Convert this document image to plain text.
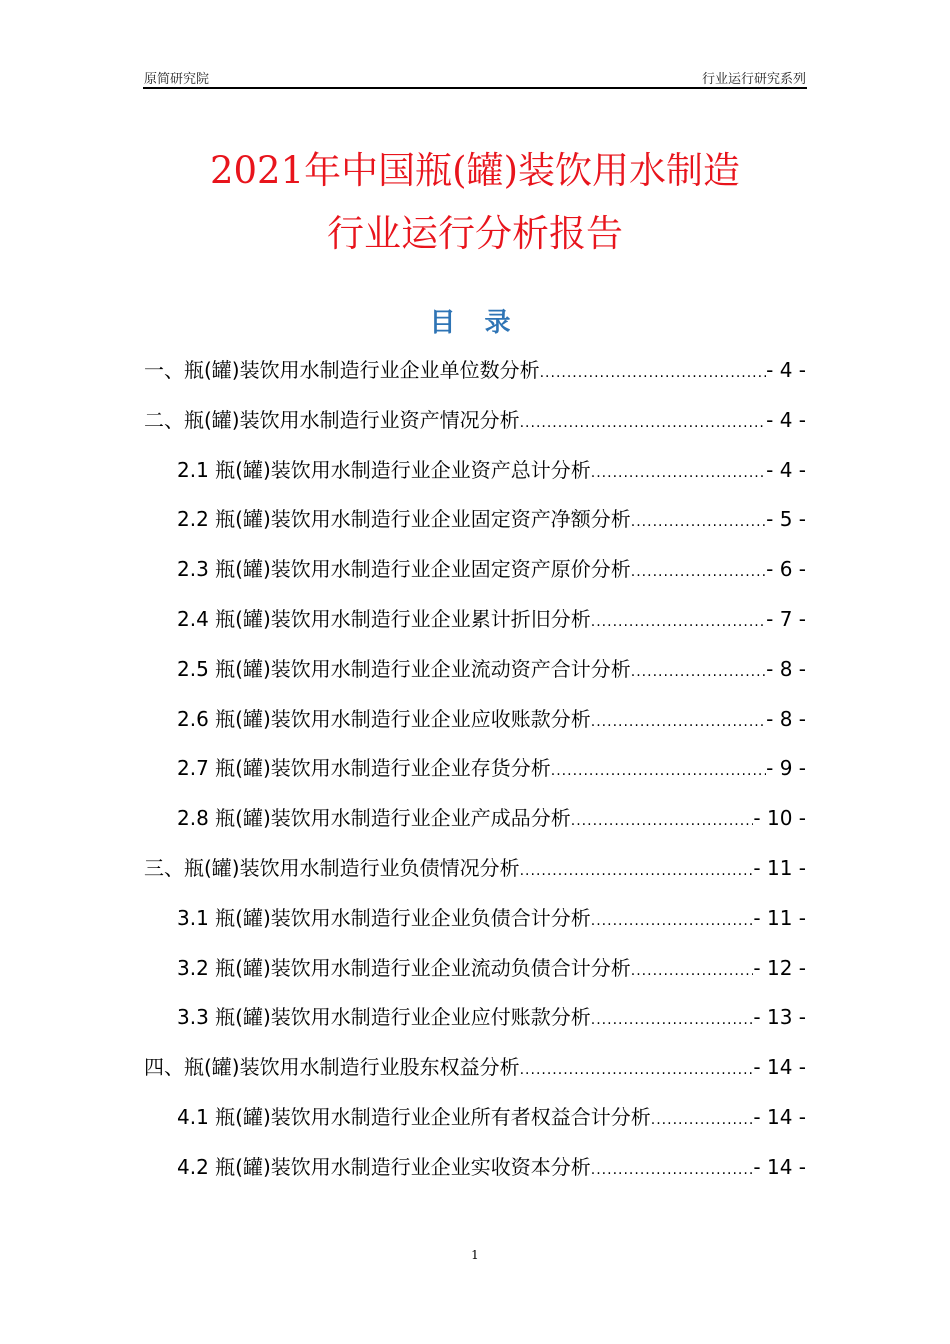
原简研究院	行业运行研究系列
2021年中国瓶(罐)装饮用水制造
行业运行分析报告
目 录
一、瓶(罐)装饮用水制造行业企业单位数分析 .....	- 4 -
二、瓶(罐)装饮用水制造行业资产情况分析 .....	- 4 -
2.1 瓶(罐)装饮用水制造行业企业资产总计分析 .....	- 4 -
2.2 瓶(罐)装饮用水制造行业企业固定资产净额分析 .....	- 5 -
2.3 瓶(罐)装饮用水制造行业企业固定资产原价分析 .....	- 6 -
2.4 瓶(罐)装饮用水制造行业企业累计折旧分析 .....	- 7 -
2.5 瓶(罐)装饮用水制造行业企业流动资产合计分析 .....	- 8 -
2.6 瓶(罐)装饮用水制造行业企业应收账款分析 .....	- 8 -
2.7 瓶(罐)装饮用水制造行业企业存货分析 .....	- 9 -
2.8 瓶(罐)装饮用水制造行业企业产成品分析 .....	- 10 -
三、瓶(罐)装饮用水制造行业负债情况分析 .....	- 11 -
3.1 瓶(罐)装饮用水制造行业企业负债合计分析 .....	- 11 -
3.2 瓶(罐)装饮用水制造行业企业流动负债合计分析 .....	- 12 -
3.3 瓶(罐)装饮用水制造行业企业应付账款分析 .....	- 13 -
四、瓶(罐)装饮用水制造行业股东权益分析 .....	- 14 -
4.1 瓶(罐)装饮用水制造行业企业所有者权益合计分析 .....	- 14 -
4.2 瓶(罐)装饮用水制造行业企业实收资本分析 .....	- 14 -
1
